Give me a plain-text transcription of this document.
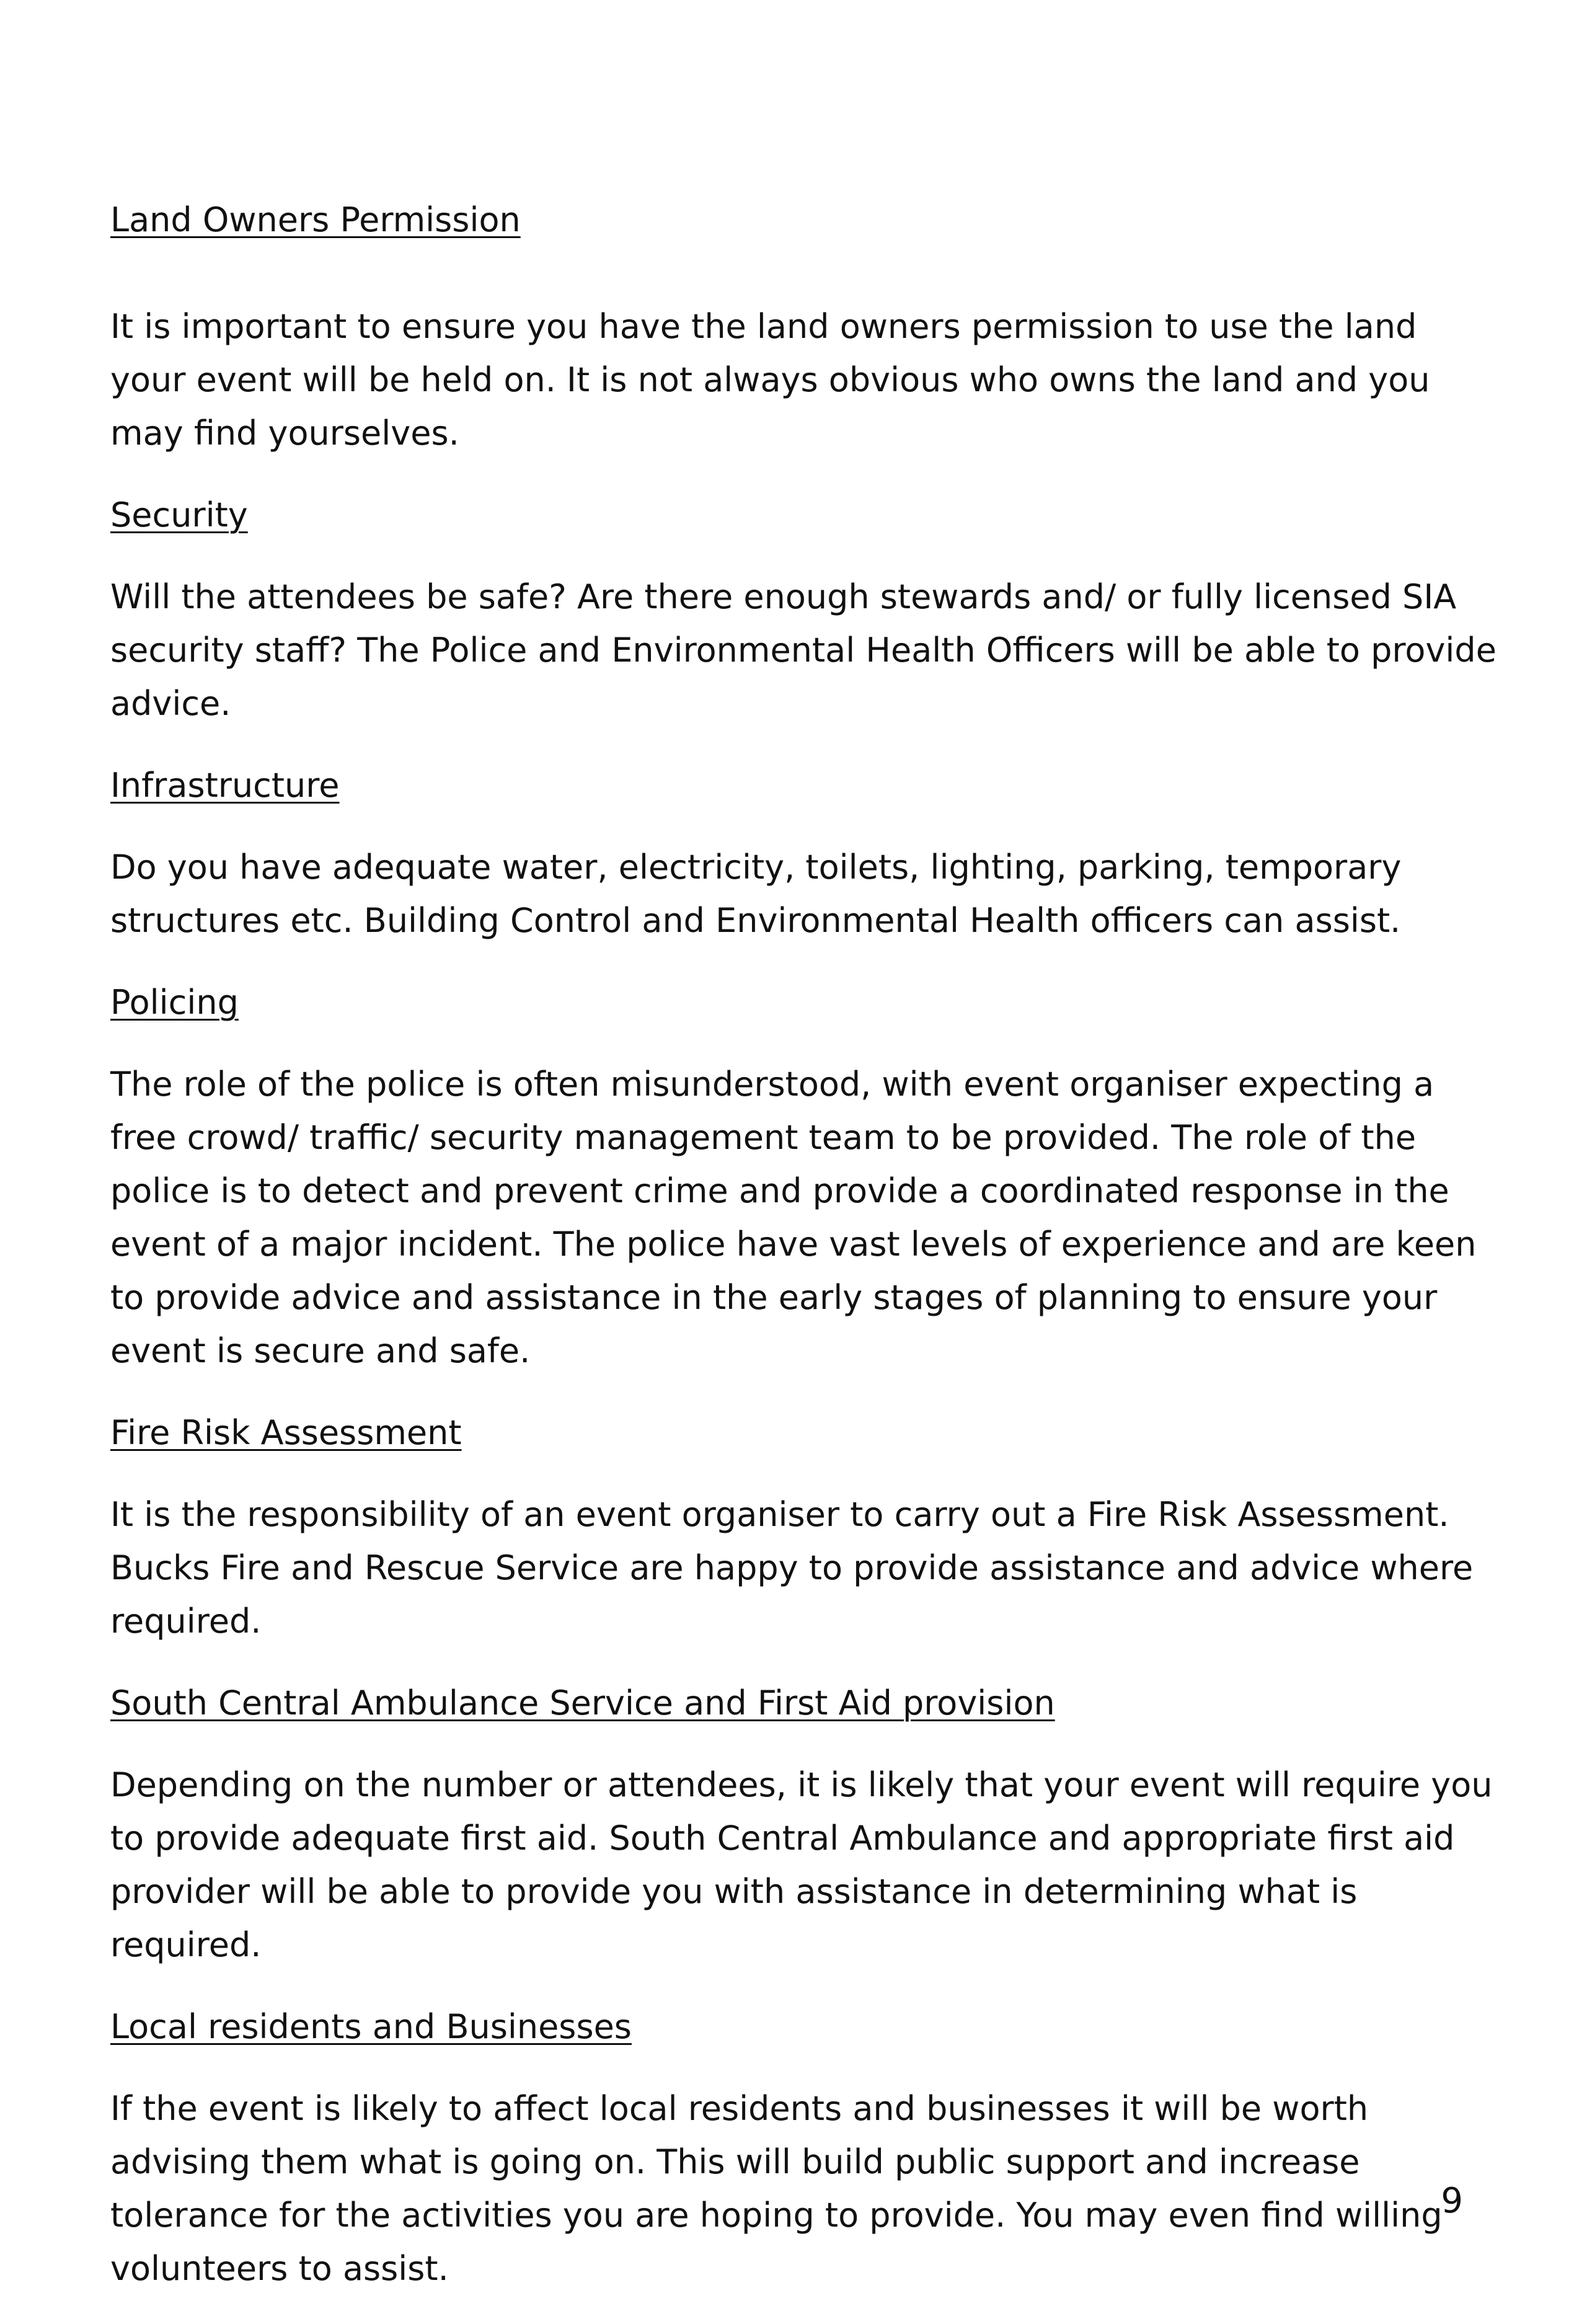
Land Owners Permission

It is important to ensure you have the land owners permission to use the land your event will be held on. It is not always obvious who owns the land and you may find yourselves.

Security

Will the attendees be safe? Are there enough stewards and/ or fully licensed SIA security staff? The Police and Environmental Health Officers will be able to provide advice.

Infrastructure

Do you have adequate water, electricity, toilets, lighting, parking, temporary structures etc. Building Control and Environmental Health officers can assist.

Policing

The role of the police is often misunderstood, with event organiser expecting a free crowd/ traffic/ security management team to be provided. The role of the police is to detect and prevent crime and provide a coordinated response in the event of a major incident. The police have vast levels of experience and are keen to provide advice and assistance in the early stages of planning to ensure your event is secure and safe.

Fire Risk Assessment

It is the responsibility of an event organiser to carry out a Fire Risk Assessment. Bucks Fire and Rescue Service are happy to provide assistance and advice where required.

South Central Ambulance Service and First Aid provision

Depending on the number or attendees, it is likely that your event will require you to provide adequate first aid. South Central Ambulance and appropriate first aid provider will be able to provide you with assistance in determining what is required.

Local residents and Businesses

If the event is likely to affect local residents and businesses it will be worth advising them what is going on. This will build public support and increase tolerance for the activities you are hoping to provide. You may even find willing volunteers to assist.

9
